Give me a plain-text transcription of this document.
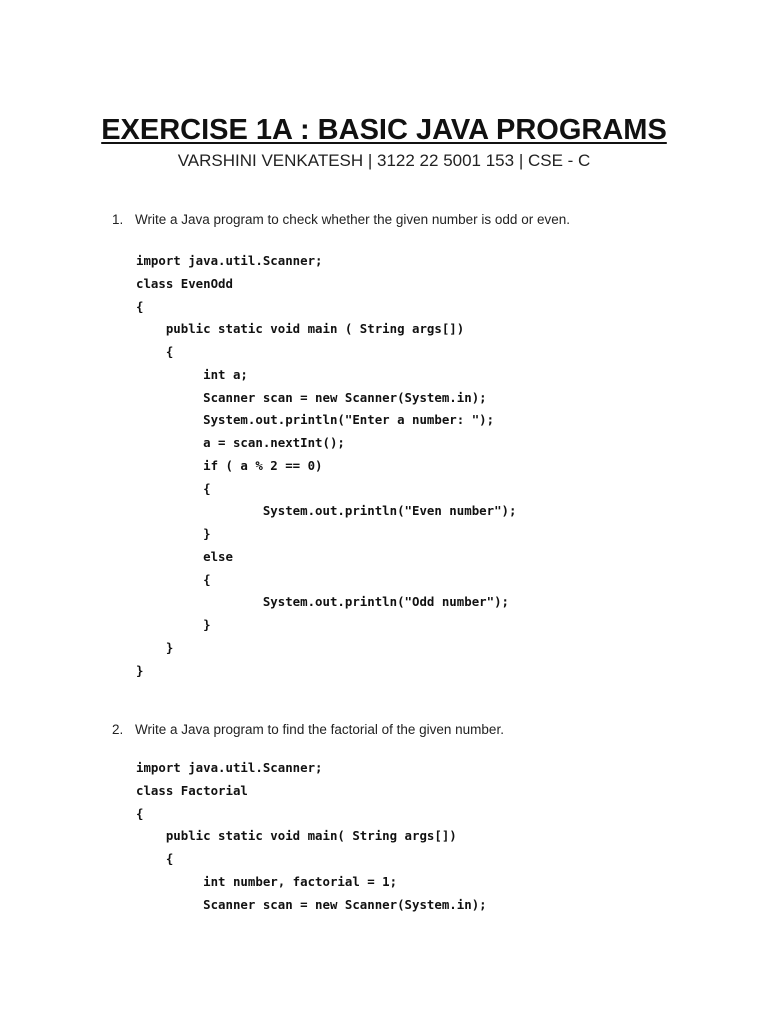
EXERCISE 1A : BASIC JAVA PROGRAMS
VARSHINI VENKATESH | 3122 22 5001 153 | CSE - C
1. Write a Java program to check whether the given number is odd or even.
import java.util.Scanner;
class EvenOdd
{
public static void main ( String args[])
{
int a;
Scanner scan = new Scanner(System.in);
System.out.println("Enter a number: ");
a = scan.nextInt();
if ( a % 2 == 0)
{
System.out.println("Even number");
}
else
{
System.out.println("Odd number");
}
}
}
2. Write a Java program to find the factorial of the given number.
import java.util.Scanner;
class Factorial
{
public static void main( String args[])
{
int number, factorial = 1;
Scanner scan = new Scanner(System.in);
